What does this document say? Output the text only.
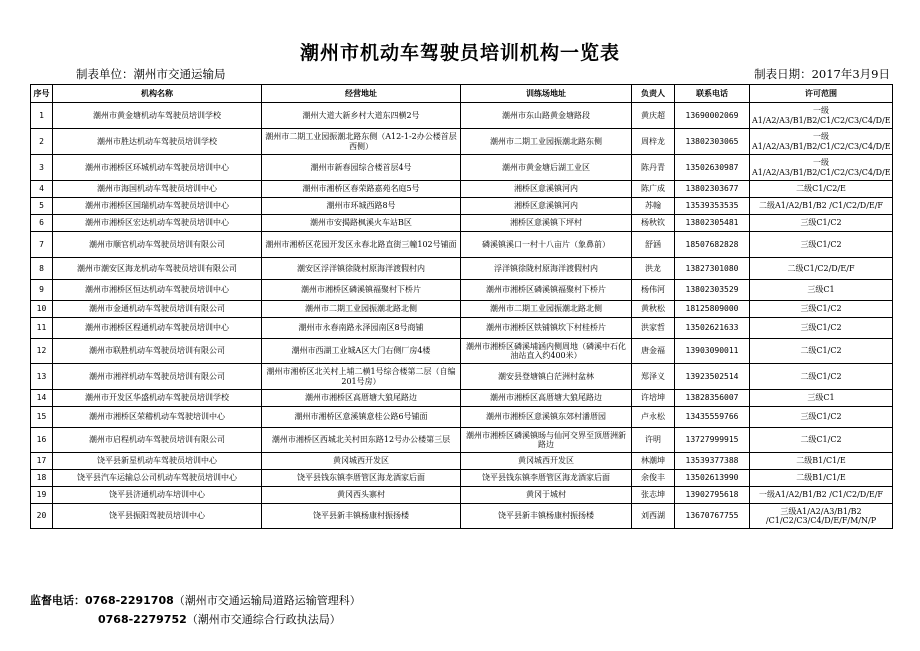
潮州市机动车驾驶员培训机构一览表
制表单位：潮州市交通运输局	制表日期：2017年3月9日
序号	机构名称	经营地址	训练场地址	负责人	联系电话	许可范围
1	潮州市黄金塘机动车驾驶员培训学校	潮州大道大新乡村大道东四横2号	潮州市东山路黄金塘路段	黄庆超	13690002069	一级
A1/A2/A3/B1/B2/C1/C2/C3/C4/D/E
2	潮州市胜达机动车驾驶员培训学校	潮州市二期工业园振潮北路东侧（A12-1-2办公楼首层西侧）	潮州市二期工业园振潮北路东侧	周梓龙	13802303065	一级
A1/A2/A3/B1/B2/C1/C2/C3/C4/D/E
3	潮州市湘桥区环城机动车驾驶员培训中心	潮州市新春园综合楼首层4号	潮州市黄金塘后湖工业区	陈丹青	13502630987	一级
A1/A2/A3/B1/B2/C1/C2/C3/C4/D/E
4	潮州市海国机动车驾驶员培训中心	潮州市湘桥区春荣路嘉苑名庭5号	湘桥区意溪镇河内	陈广成	13802303677	二级C1/C2/E
5	潮州市湘桥区国瑞机动车驾驶员培训中心	潮州市环城西路8号	湘桥区意溪镇河内	苏翰	13539353535	二级A1/A2/B1/B2 /C1/C2/D/E/F
6	潮州市湘桥区宏达机动车驾驶员培训中心	潮州市安揭路枫溪火车站B区	湘桥区意溪镇下坪村	杨秋钦	13802305481	三级C1/C2
7	潮州市顺官机动车驾驶员培训有限公司	潮州市湘桥区花园开发区永春北路直街三幢102号铺面	磷溪镇溪口一村十八亩片（象鼻前）	舒涵	18507682828	三级C1/C2
8	潮州市潮安区海龙机动车驾驶员培训有限公司	潮安区浮洋镇徐陇村原海洋渡假村内	浮洋镇徐陇村原海洋渡假村内	洪龙	13827301080	二级C1/C2/D/E/F
9	潮州市湘桥区恒达机动车驾驶员培训中心	潮州市湘桥区磷溪镇福聚村下桥片	潮州市湘桥区磷溪镇福聚村下桥片	杨伟河	13802303529	三级C1
10	潮州市金通机动车驾驶员培训有限公司	潮州市二期工业园振潮北路北侧	潮州市二期工业园振潮北路北侧	黄秋松	18125809000	三级C1/C2
11	潮州市湘桥区程通机动车驾驶员培训中心	潮州市永春南路永泽园南区8号商铺	潮州市湘桥区铁铺镇坎下村桂桥片	洪家哲	13502621633	三级C1/C2
12	潮州市联胜机动车驾驶员培训有限公司	潮州市西湖工业城A区大门右侧厂房4楼	潮州市湘桥区磷溪埔涵内侧周地（磷溪中石化油站直入约400米）	唐金福	13903090011	二级C1/C2
13	潮州市湘祥机动车驾驶员培训有限公司	潮州市湘桥区北关村上埔二横1号综合楼第二层（自编201号房）	潮安县登塘镇白茫洲村盆林	郑泽义	13923502514	二级C1/C2
14	潮州市开发区华盛机动车驾驶员培训学校	潮州市湘桥区高厝塘大狼尾路边	潮州市湘桥区高厝塘大狼尾路边	许培坤	13828356007	三级C1
15	潮州市湘桥区荣稽机动车驾驶培训中心	潮州市湘桥区意溪镇意桂公路6号铺面	潮州市湘桥区意溪镇东郊村潘厝园	卢永松	13435559766	三级C1/C2
16	潮州市启程机动车驾驶员培训有限公司	潮州市湘桥区西城北关村田东路12号办公楼第三层	潮州市湘桥区磷溪镇旸与仙河交界至顶厝洲新路边	许明	13727999915	二级C1/C2
17	饶平县新星机动车驾驶员培训中心	黄冈城西开发区	黄冈城西开发区	林潮坤	13539377388	二级B1/C1/E
18	饶平县汽车运输总公司机动车驾驶员培训中心	饶平县钱东镇李厝管区海龙酒家后面	饶平县钱东镇李厝管区海龙酒家后面	余俊丰	13502613990	二级B1/C1/E
19	饶平县济通机动车培训中心	黄冈西头寨村	黄冈于城村	张志坤	13902795618	一级A1/A2/B1/B2 /C1/C2/D/E/F
20	饶平县振阳驾驶员培训中心	饶平县新丰镇杨康村振扬楼	饶平县新丰镇杨康村振扬楼	刘西湖	13670767755	三级A1/A2/A3/B1/B2
/C1/C2/C3/C4/D/E/F/M/N/P
监督电话：0768-2291708（潮州市交通运输局道路运输管理科）
0768-2279752（潮州市交通综合行政执法局）
